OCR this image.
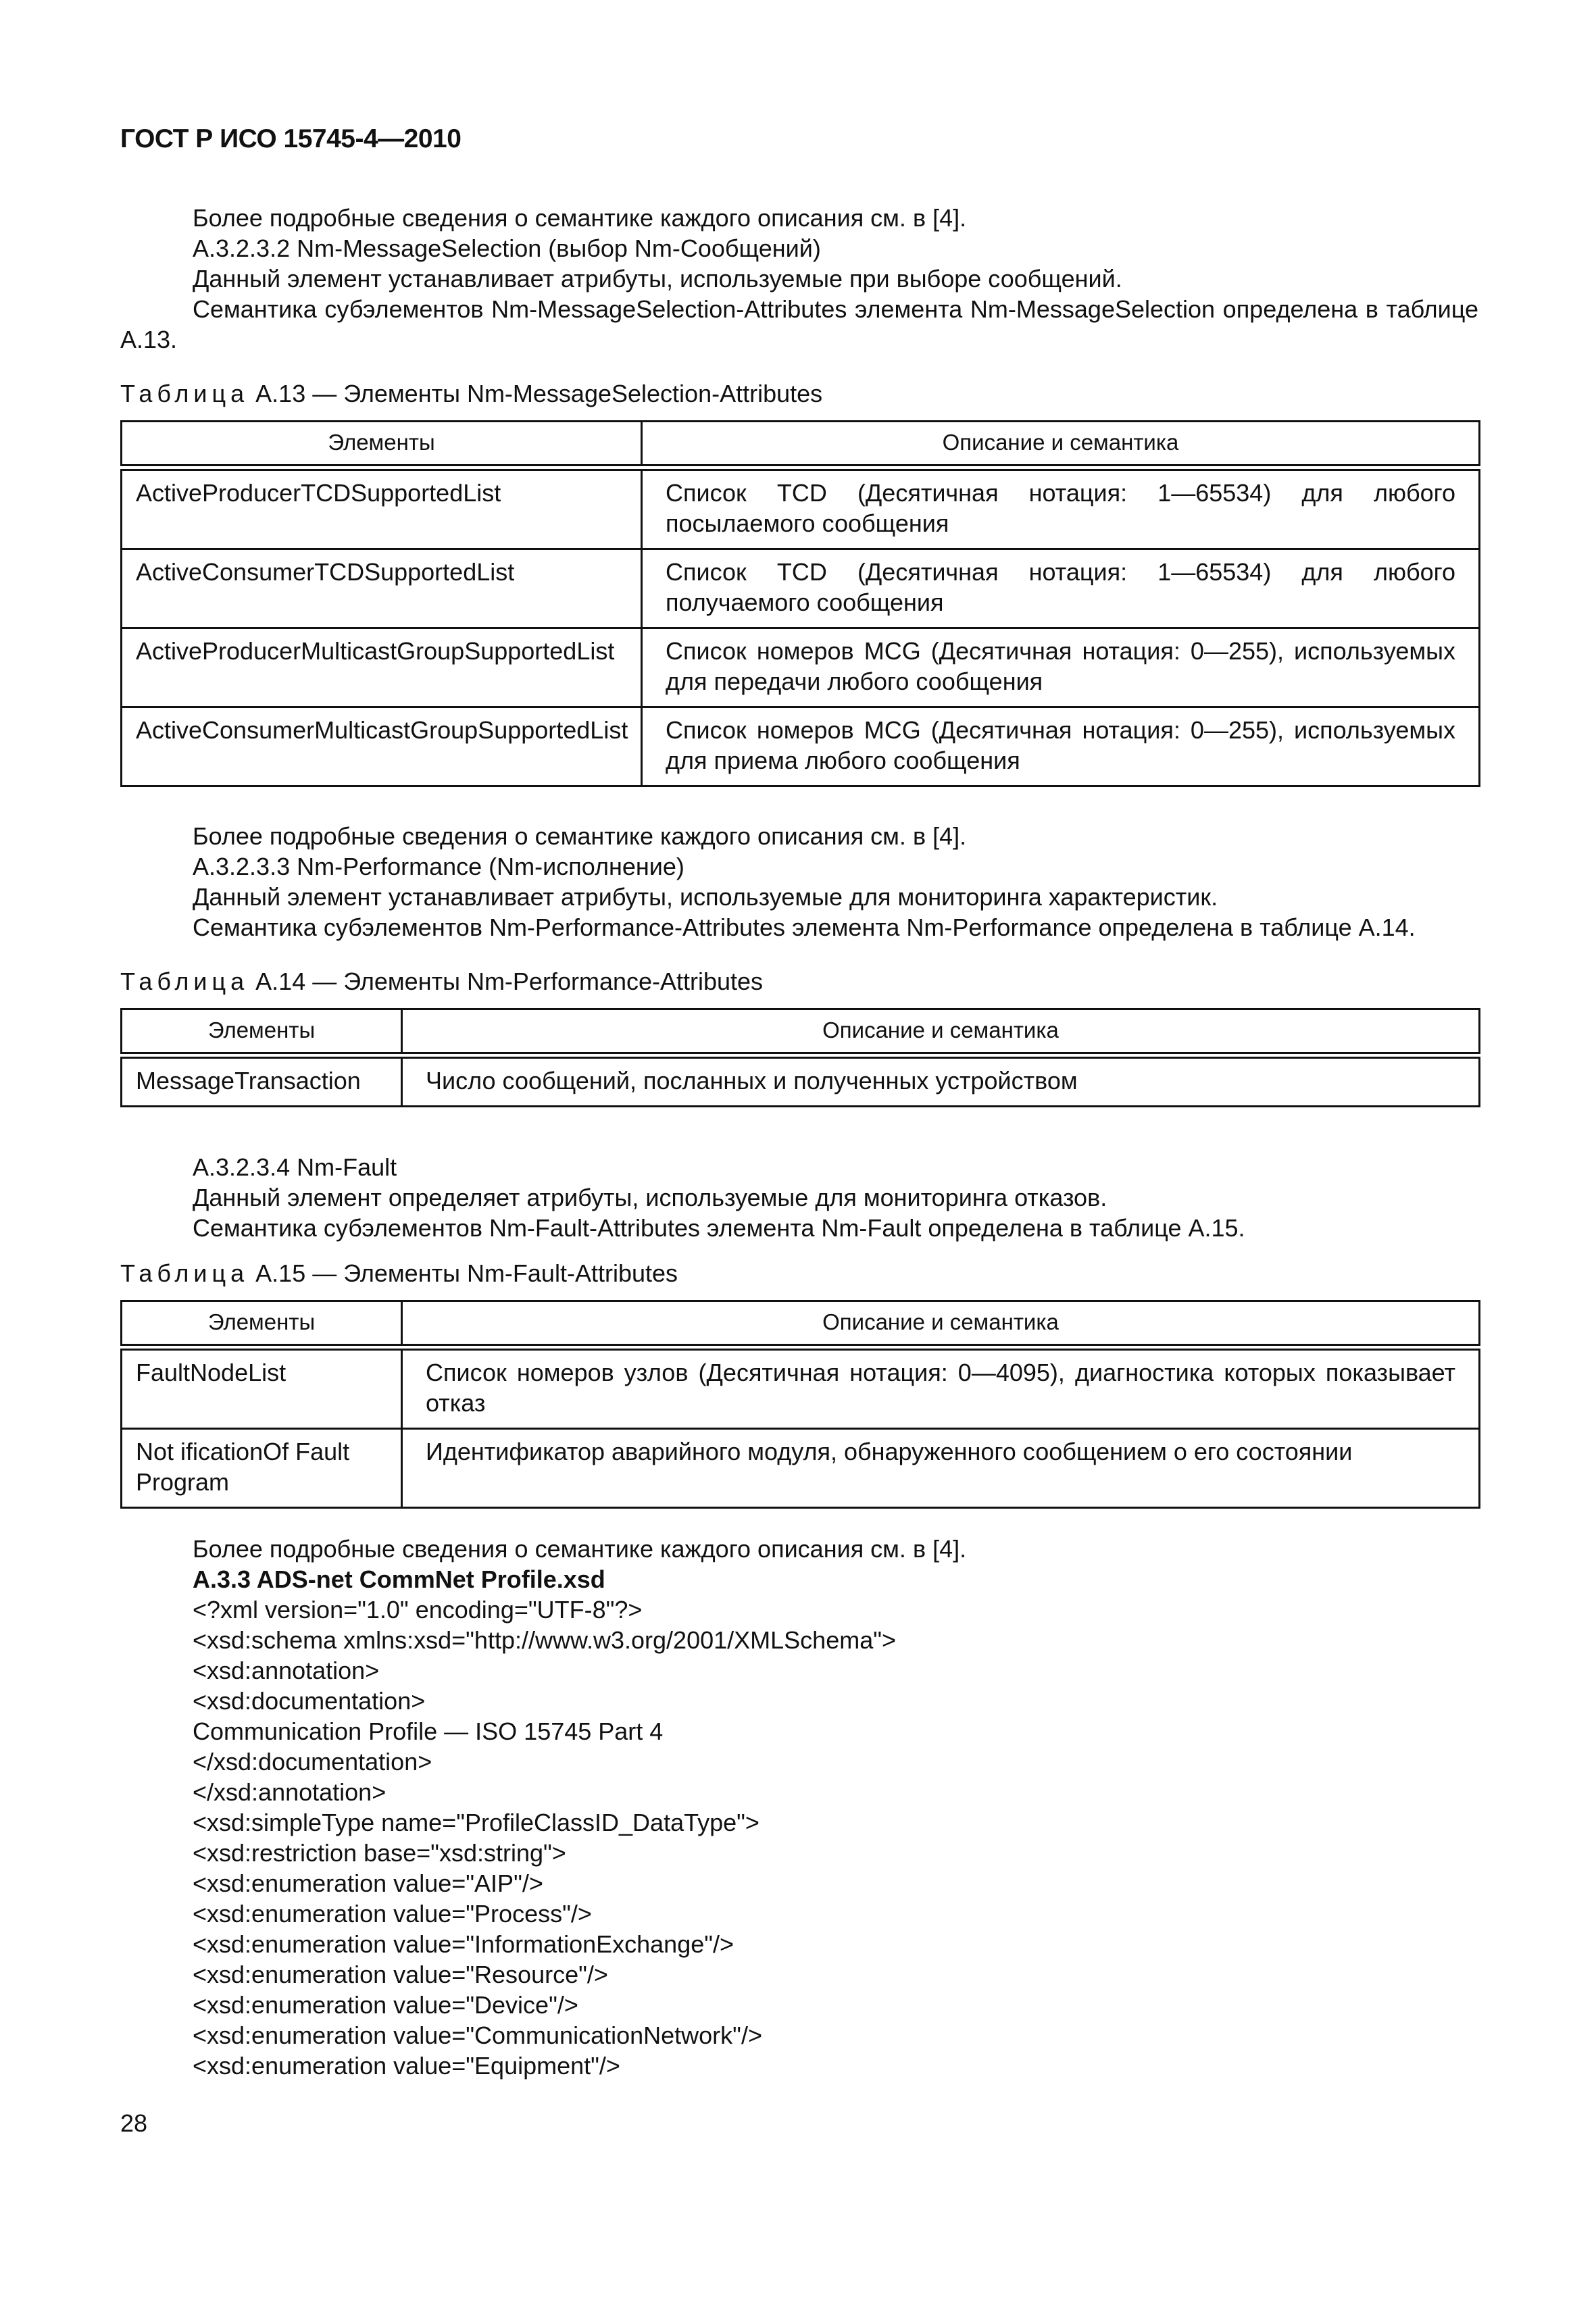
ГОСТ Р ИСО 15745-4—2010

Более подробные сведения о семантике каждого описания см. в [4].

A.3.2.3.2 Nm-MessageSelection (выбор Nm-Сообщений)

Данный элемент устанавливает атрибуты, используемые при выборе сообщений.

Семантика субэлементов Nm-MessageSelection-Attributes элемента Nm-MessageSelection определена в таблице А.13.

Таблица А.13 — Элементы Nm-MessageSelection-Attributes

Элементы	Описание и семантика
ActiveProducerTCDSupportedList	Список TCD (Десятичная нотация: 1—65534) для любого посылаемого сообщения
ActiveConsumerTCDSupportedList	Список TCD (Десятичная нотация: 1—65534) для любого получаемого сообщения
ActiveProducerMulticastGroupSupportedList	Список номеров MCG (Десятичная нотация: 0—255), используемых для передачи любого сообщения
ActiveConsumerMulticastGroupSupportedList	Список номеров MCG (Десятичная нотация: 0—255), используемых для приема любого сообщения

Более подробные сведения о семантике каждого описания см. в [4].

A.3.2.3.3 Nm-Performance (Nm-исполнение)

Данный элемент устанавливает атрибуты, используемые для мониторинга характеристик.

Семантика субэлементов Nm-Performance-Attributes элемента Nm-Performance определена в таблице А.14.

Таблица А.14 — Элементы Nm-Performance-Attributes

Элементы	Описание и семантика
MessageTransaction	Число сообщений, посланных и полученных устройством

A.3.2.3.4 Nm-Fault

Данный элемент определяет атрибуты, используемые для мониторинга отказов.

Семантика субэлементов Nm-Fault-Attributes элемента Nm-Fault определена в таблице А.15.

Таблица А.15 — Элементы Nm-Fault-Attributes

Элементы	Описание и семантика
FaultNodeList	Список номеров узлов (Десятичная нотация: 0—4095), диагностика которых показывает отказ
Not ificationOf Fault Program	Идентификатор аварийного модуля, обнаруженного сообщением о его состоянии

Более подробные сведения о семантике каждого описания см. в [4].

A.3.3 ADS-net CommNet Profile.xsd

<?xml version="1.0" encoding="UTF-8"?>

<xsd:schema xmlns:xsd="http://www.w3.org/2001/XMLSchema">

<xsd:annotation>

<xsd:documentation>

Communication Profile — ISO 15745 Part 4

</xsd:documentation>

</xsd:annotation>

<xsd:simpleType name="ProfileClassID_DataType">

<xsd:restriction base="xsd:string">

<xsd:enumeration value="AIP"/>

<xsd:enumeration value="Process"/>

<xsd:enumeration value="InformationExchange"/>

<xsd:enumeration value="Resource"/>

<xsd:enumeration value="Device"/>

<xsd:enumeration value="CommunicationNetwork"/>

<xsd:enumeration value="Equipment"/>

28
